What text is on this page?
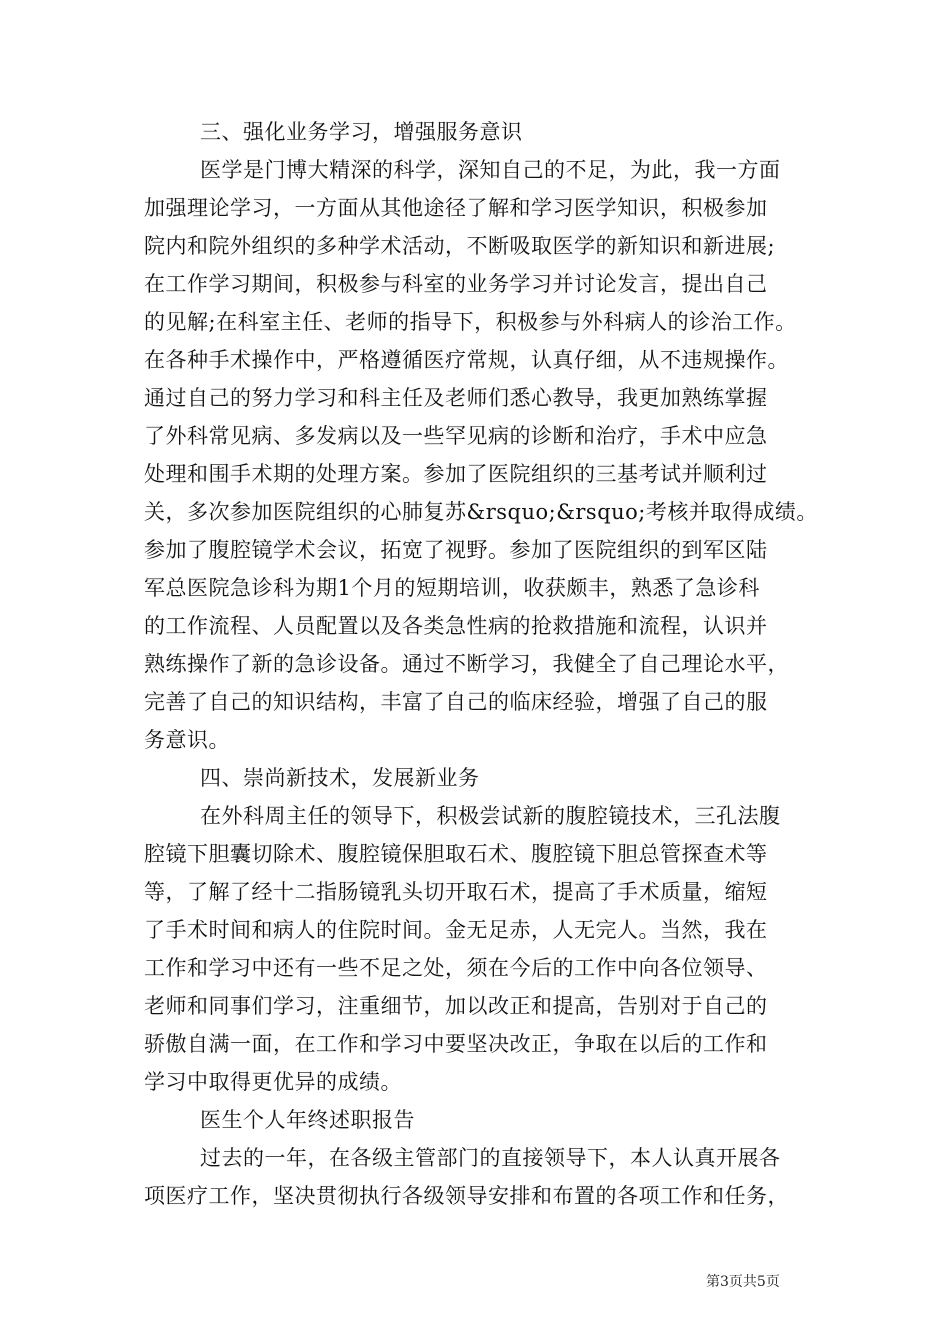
三、强化业务学习，增强服务意识
医学是门博大精深的科学，深知自己的不足，为此，我一方面
加强理论学习，一方面从其他途径了解和学习医学知识，积极参加
院内和院外组织的多种学术活动，不断吸取医学的新知识和新进展;
在工作学习期间，积极参与科室的业务学习并讨论发言，提出自己
的见解;在科室主任、老师的指导下，积极参与外科病人的诊治工作。
在各种手术操作中，严格遵循医疗常规，认真仔细，从不违规操作。
通过自己的努力学习和科主任及老师们悉心教导，我更加熟练掌握
了外科常见病、多发病以及一些罕见病的诊断和治疗，手术中应急
处理和围手术期的处理方案。参加了医院组织的三基考试并顺利过
关，多次参加医院组织的心肺复苏&rsquo;&rsquo;考核并取得成绩。
参加了腹腔镜学术会议，拓宽了视野。参加了医院组织的到军区陆
军总医院急诊科为期1个月的短期培训，收获颇丰，熟悉了急诊科
的工作流程、人员配置以及各类急性病的抢救措施和流程，认识并
熟练操作了新的急诊设备。通过不断学习，我健全了自己理论水平，
完善了自己的知识结构，丰富了自己的临床经验，增强了自己的服
务意识。
四、崇尚新技术，发展新业务
在外科周主任的领导下，积极尝试新的腹腔镜技术，三孔法腹
腔镜下胆囊切除术、腹腔镜保胆取石术、腹腔镜下胆总管探查术等
等，了解了经十二指肠镜乳头切开取石术，提高了手术质量，缩短
了手术时间和病人的住院时间。金无足赤，人无完人。当然，我在
工作和学习中还有一些不足之处，须在今后的工作中向各位领导、
老师和同事们学习，注重细节，加以改正和提高，告别对于自己的
骄傲自满一面，在工作和学习中要坚决改正，争取在以后的工作和
学习中取得更优异的成绩。
医生个人年终述职报告
过去的一年，在各级主管部门的直接领导下，本人认真开展各
项医疗工作，坚决贯彻执行各级领导安排和布置的各项工作和任务，
第3页共5页
